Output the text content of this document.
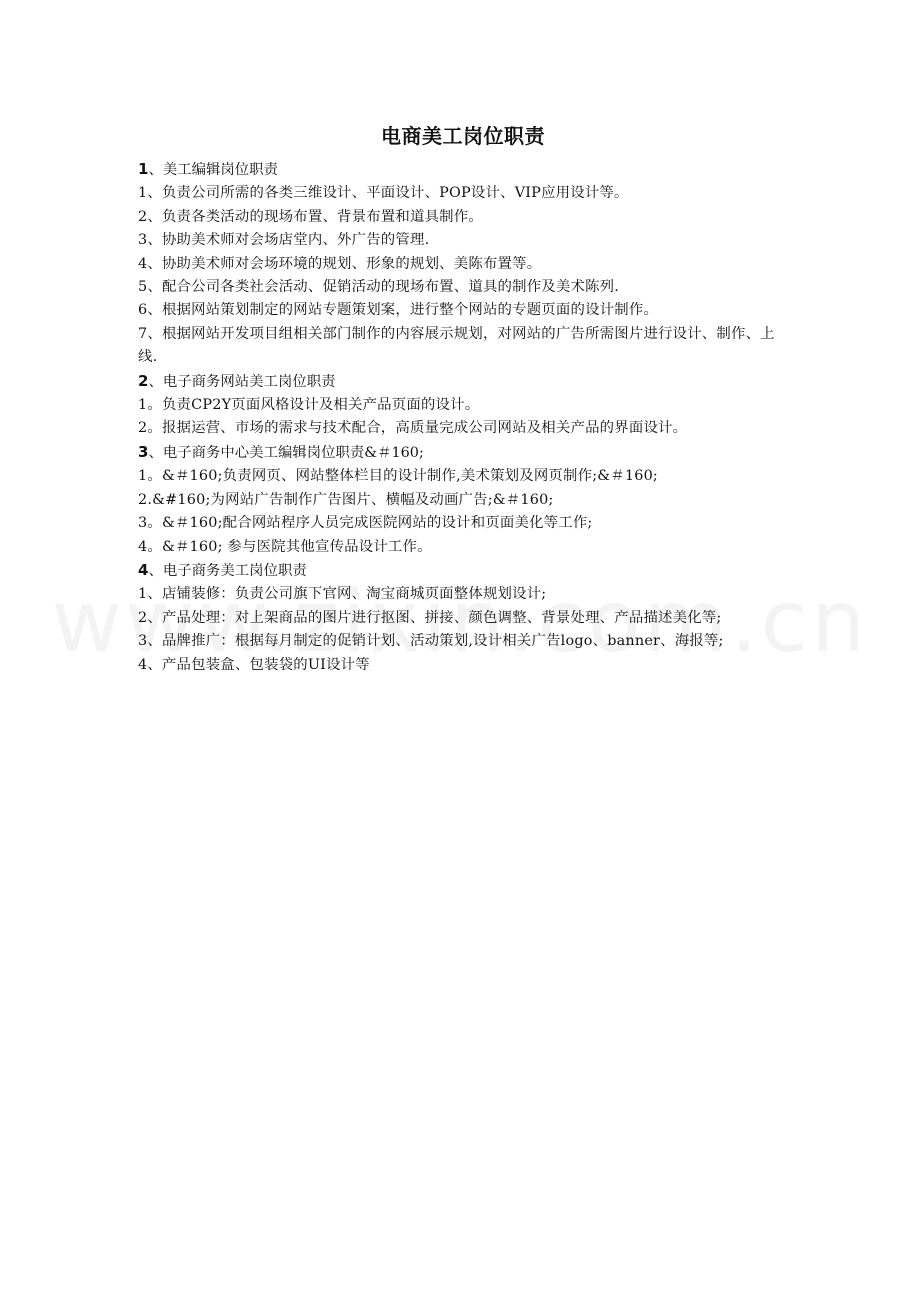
电商美工岗位职责
1、美工编辑岗位职责
1、负责公司所需的各类三维设计、平面设计、POP设计、VIP应用设计等。
2、负责各类活动的现场布置、背景布置和道具制作。
3、协助美术师对会场店堂内、外广告的管理.
4、协助美术师对会场环境的规划、形象的规划、美陈布置等。
5、配合公司各类社会活动、促销活动的现场布置、道具的制作及美术陈列.
6、根据网站策划制定的网站专题策划案，进行整个网站的专题页面的设计制作。
7、根据网站开发项目组相关部门制作的内容展示规划，对网站的广告所需图片进行设计、制作、上线.
2、电子商务网站美工岗位职责
1。负责CP2Y页面风格设计及相关产品页面的设计。
2。报据运营、市场的需求与技术配合，高质量完成公司网站及相关产品的界面设计。
3、电子商务中心美工编辑岗位职责&＃160;
1。&＃160;负责网页、网站整体栏目的设计制作,美术策划及网页制作;&＃160;
2.&#160;为网站广告制作广告图片、横幅及动画广告;&＃160;
3。&＃160;配合网站程序人员完成医院网站的设计和页面美化等工作;
4。&＃160; 参与医院其他宣传品设计工作。
4、电子商务美工岗位职责
1、店铺装修：负责公司旗下官网、淘宝商城页面整体规划设计;
2、产品处理：对上架商品的图片进行抠图、拼接、颜色调整、背景处理、产品描述美化等;
3、品牌推广：根据每月制定的促销计划、活动策划,设计相关广告logo、banner、海报等;
4、产品包装盒、包装袋的UI设计等
